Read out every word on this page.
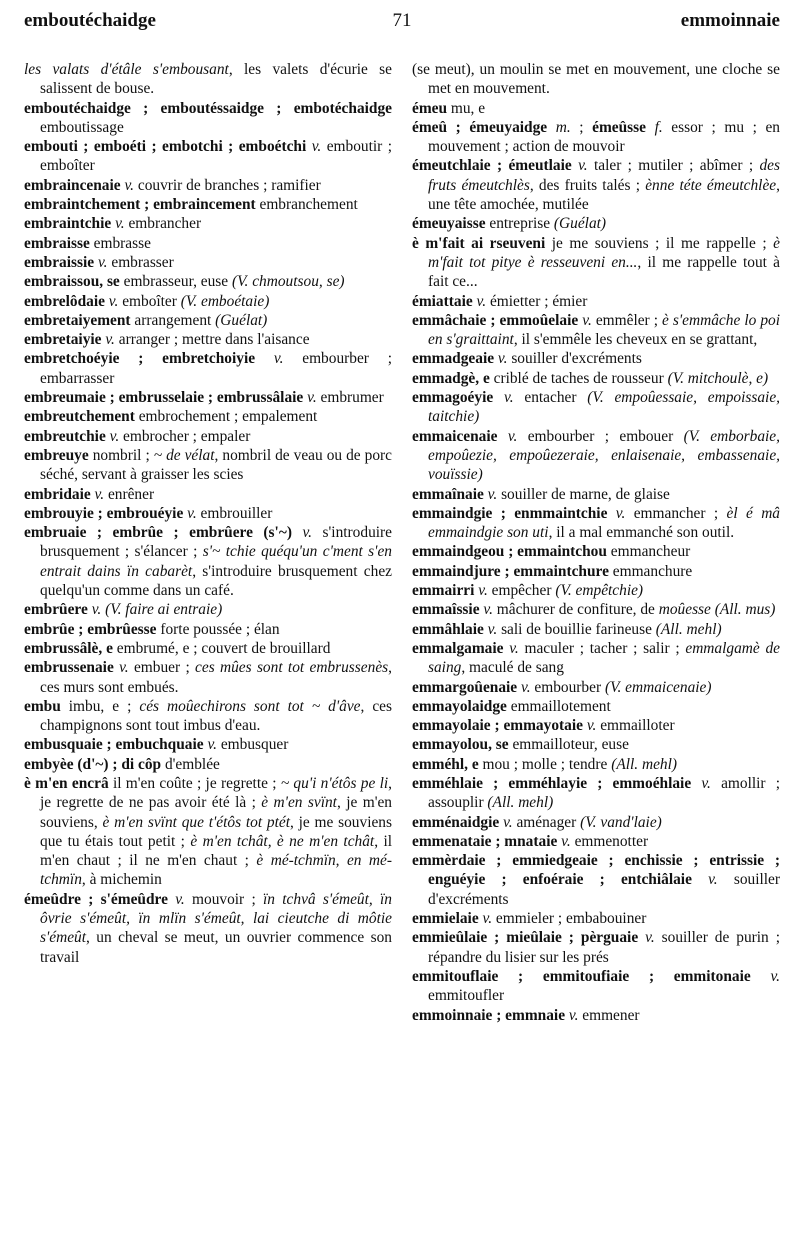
emboutéchaidge	71	emmoinnaie

les valats d'étâle s'embousant, les valets d'écurie se salissent de bouse.

emboutéchaidge ; emboutéssaidge ; embotéchaidge emboutissage

embouti ; emboéti ; embotchi ; emboétchi v. emboutir ; emboîter

embraincenaie v. couvrir de branches ; ramifier

embraintchement ; embraincement embranchement

embraintchie v. embrancher

embraisse embrasse

embraissie v. embrasser

embraissou, se embrasseur, euse (V. chmoutsou, se)

embrelôdaie v. emboîter (V. emboétaie)

embretaiyement arrangement (Guélat)

embretaiyie v. arranger ; mettre dans l'aisance

embretchoéyie ; embretchoiyie v. embourber ; embarrasser

embreumaie ; embrusselaie ; embrussâlaie v. embrumer

embreutchement embrochement ; empalement

embreutchie v. embrocher ; empaler

embreuye nombril ; ~ de vélat, nombril de veau ou de porc séché, servant à graisser les scies

embridaie v. enrêner

embrouyie ; embrouéyie v. embrouiller

embruaie ; embrûe ; embrûere (s'~) v. s'introduire brusquement ; s'élancer ; s'~ tchie quéqu'un c'ment s'en entrait dains ïn cabarèt, s'introduire brusquement chez quelqu'un comme dans un café.

embrûere v. (V. faire ai entraie)

embrûe ; embrûesse forte poussée ; élan

embrussâlè, e embrumé, e ; couvert de brouillard

embrussenaie v. embuer ; ces mûes sont tot embrussenès, ces murs sont embués.

embu imbu, e ; cés moûechirons sont tot ~ d'âve, ces champignons sont tout imbus d'eau.

embusquaie ; embuchquaie v. embusquer

embyèe (d'~) ; di côp d'emblée

è m'en encrâ il m'en coûte ; je regrette ; ~ qu'i n'étôs pe li, je regrette de ne pas avoir été là ; è m'en svïnt, je m'en souviens, è m'en svïnt que t'étôs tot ptét, je me souviens que tu étais tout petit ; è m'en tchât, è ne m'en tchât, il m'en chaut ; il ne m'en chaut ; è mé-tchmïn, en mé-tchmïn, à michemin

émeûdre ; s'émeûdre v. mouvoir ; ïn tchvâ s'émeût, ïn ôvrie s'émeût, ïn mlïn s'émeût, lai cieutche di môtie s'émeût, un cheval se meut, un ouvrier commence son travail

(se meut), un moulin se met en mouvement, une cloche se met en mouvement.

émeu mu, e

émeû ; émeuyaidge m. ; émeûsse f. essor ; mu ; en mouvement ; action de mouvoir

émeutchlaie ; émeutlaie v. taler ; mutiler ; abîmer ; des fruts émeutchlès, des fruits talés ; ènne téte émeutchlèe, une tête amochée, mutilée

émeuyaisse entreprise (Guélat)

è m'fait ai rseuveni je me souviens ; il me rappelle ; è m'fait tot pitye è resseuveni en..., il me rappelle tout à fait ce...

émiattaie v. émietter ; émier

emmâchaie ; emmoûelaie v. emmêler ; è s'emmâche lo poi en s'graittaint, il s'emmêle les cheveux en se grattant,

emmadgeaie v. souiller d'excréments

emmadgè, e criblé de taches de rousseur (V. mitchoulè, e)

emmagoéyie v. entacher (V. empoûessaie, empoissaie, taitchie)

emmaicenaie v. embourber ; embouer (V. emborbaie, empoûezie, empoûezeraie, enlaisenaie, embassenaie, vouïssie)

emmaînaie v. souiller de marne, de glaise

emmaindgie ; enmmaintchie v. emmancher ; èl é mâ emmaindgie son uti, il a mal emmanché son outil.

emmaindgeou ; emmaintchou emmancheur

emmaindjure ; emmaintchure emmanchure

emmairri v. empêcher (V. empêtchie)

emmaîssie v. mâchurer de confiture, de moûesse (All. mus)

emmâhlaie v. sali de bouillie farineuse (All. mehl)

emmalgamaie v. maculer ; tacher ; salir ; emmalgamè de saing, maculé de sang

emmargoûenaie v. embourber (V. emmaicenaie)

emmayolaidge emmaillotement

emmayolaie ; emmayotaie v. emmailloter

emmayolou, se emmailloteur, euse

emméhl, e mou ; molle ; tendre (All. mehl)

emméhlaie ; emméhlayie ; emmoéhlaie v. amollir ; assouplir (All. mehl)

emménaidgie v. aménager (V. vand'laie)

emmenataie ; mnataie v. emmenotter

emmèrdaie ; emmiedgeaie ; enchissie ; entrissie ; enguéyie ; enfoéraie ; entchiâlaie v. souiller d'excréments

emmielaie v. emmieler ; embabouiner

emmieûlaie ; mieûlaie ; pèrguaie v. souiller de purin ; répandre du lisier sur les prés

emmitouflaie ; emmitoufiaie ; emmitonaie v. emmitoufler

emmoinnaie ; emmnaie v. emmener
